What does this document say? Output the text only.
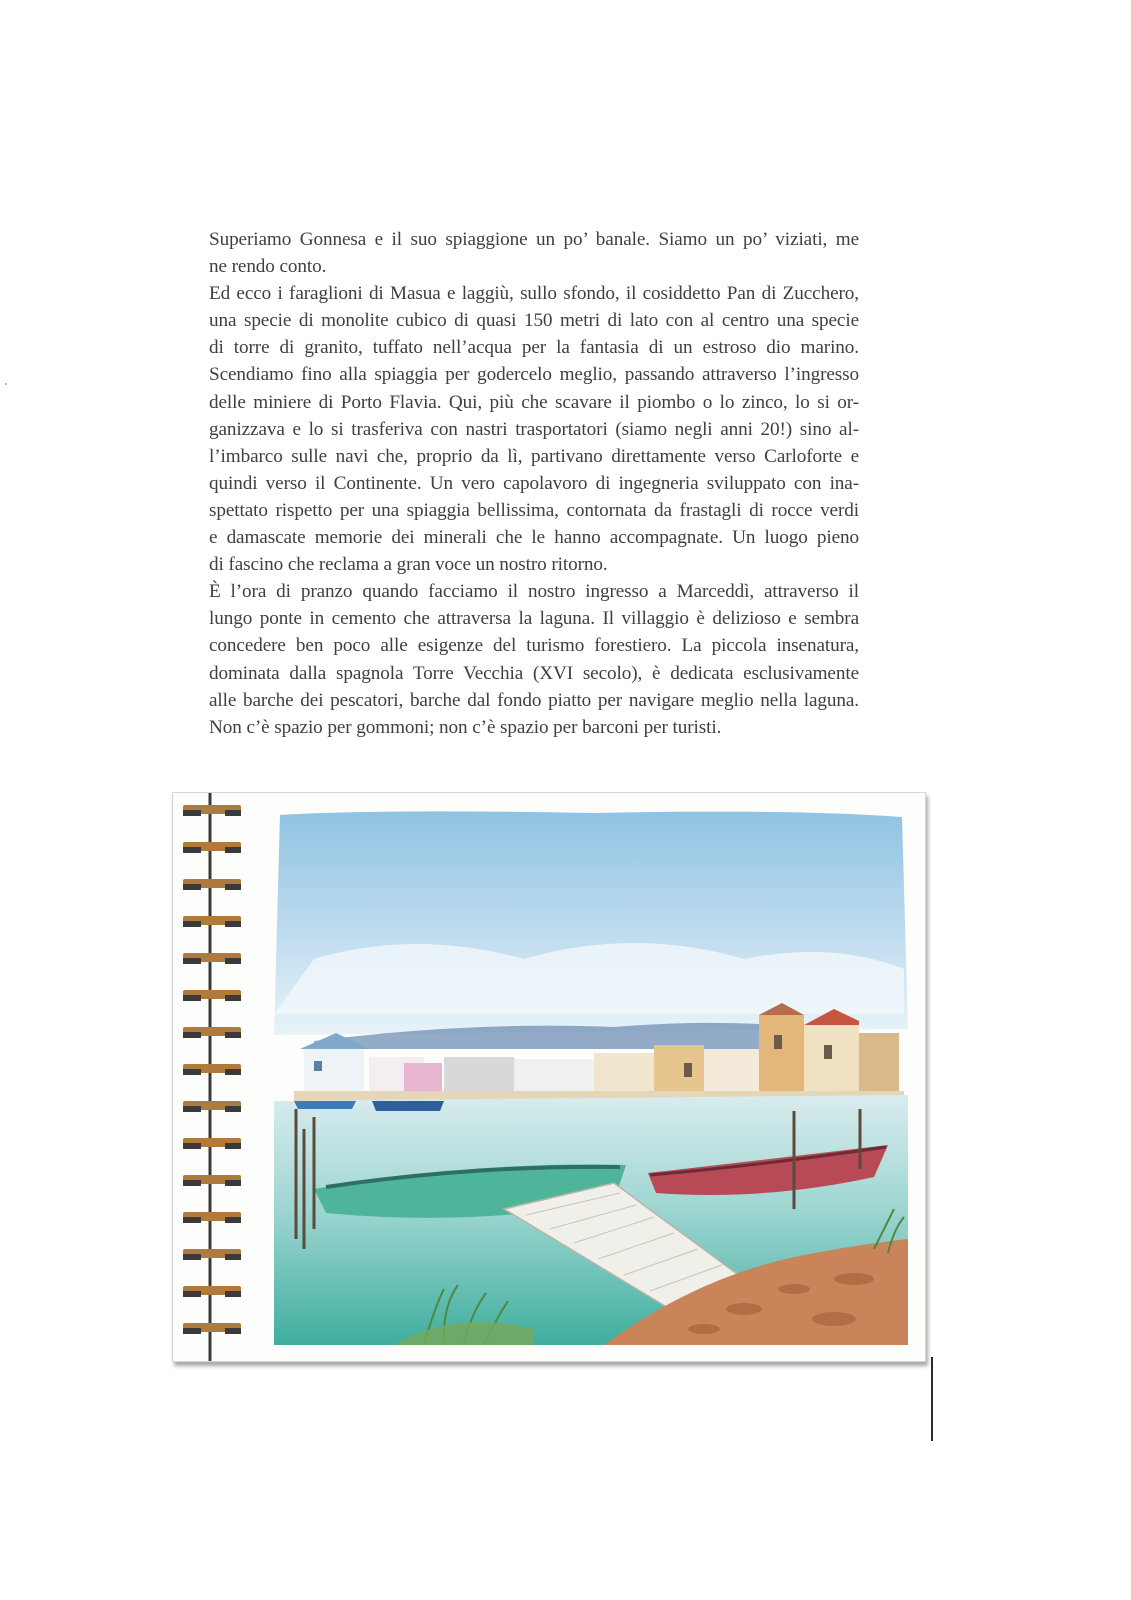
Superiamo Gonnesa e il suo spiaggione un po’ banale. Siamo un po’ viziati, me
ne rendo conto.
Ed ecco i faraglioni di Masua e laggiù, sullo sfondo, il cosiddetto Pan di Zucchero,
una specie di monolite cubico di quasi 150 metri di lato con al centro una specie
di torre di granito, tuffato nell’acqua per la fantasia di un estroso dio marino.
Scendiamo fino alla spiaggia per godercelo meglio, passando attraverso l’ingresso
delle miniere di Porto Flavia. Qui, più che scavare il piombo o lo zinco, lo si or-
ganizzava e lo si trasferiva con nastri trasportatori (siamo negli anni 20!) sino al-
l’imbarco sulle navi che, proprio da lì, partivano direttamente verso Carloforte e
quindi verso il Continente. Un vero capolavoro di ingegneria sviluppato con ina-
spettato rispetto per una spiaggia bellissima, contornata da frastagli di rocce verdi
e damascate memorie dei minerali che le hanno accompagnate. Un luogo pieno
di fascino che reclama a gran voce un nostro ritorno.
È l’ora di pranzo quando facciamo il nostro ingresso a Marceddì, attraverso il
lungo ponte in cemento che attraversa la laguna. Il villaggio è delizioso e sembra
concedere ben poco alle esigenze del turismo forestiero. La piccola insenatura,
dominata dalla spagnola Torre Vecchia (XVI secolo), è dedicata esclusivamente
alle barche dei pescatori, barche dal fondo piatto per navigare meglio nella laguna.
Non c’è spazio per gommoni; non c’è spazio per barconi per turisti.
